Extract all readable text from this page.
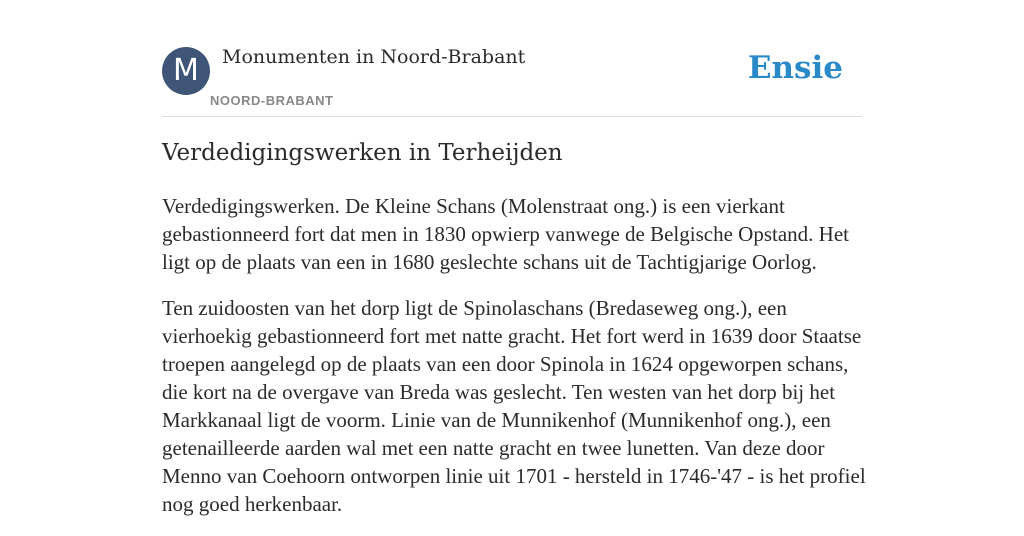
M	Monumenten in Noord-Brabant
NOORD-BRABANT
Ensie
Verdedigingswerken in Terheijden

Verdedigingswerken. De Kleine Schans (Molenstraat ong.) is een vierkant gebastionneerd fort dat men in 1830 opwierp vanwege de Belgische Opstand. Het ligt op de plaats van een in 1680 geslechte schans uit de Tachtigjarige Oorlog.

Ten zuidoosten van het dorp ligt de Spinolaschans (Bredaseweg ong.), een vierhoekig gebastionneerd fort met natte gracht. Het fort werd in 1639 door Staatse troepen aangelegd op de plaats van een door Spinola in 1624 opgeworpen schans, die kort na de overgave van Breda was geslecht. Ten westen van het dorp bij het Markkanaal ligt de voorm. Linie van de Munnikenhof (Munnikenhof ong.), een getenailleerde aarden wal met een natte gracht en twee lunetten. Van deze door Menno van Coehoorn ontworpen linie uit 1701 - hersteld in 1746-'47 - is het profiel nog goed herkenbaar.
